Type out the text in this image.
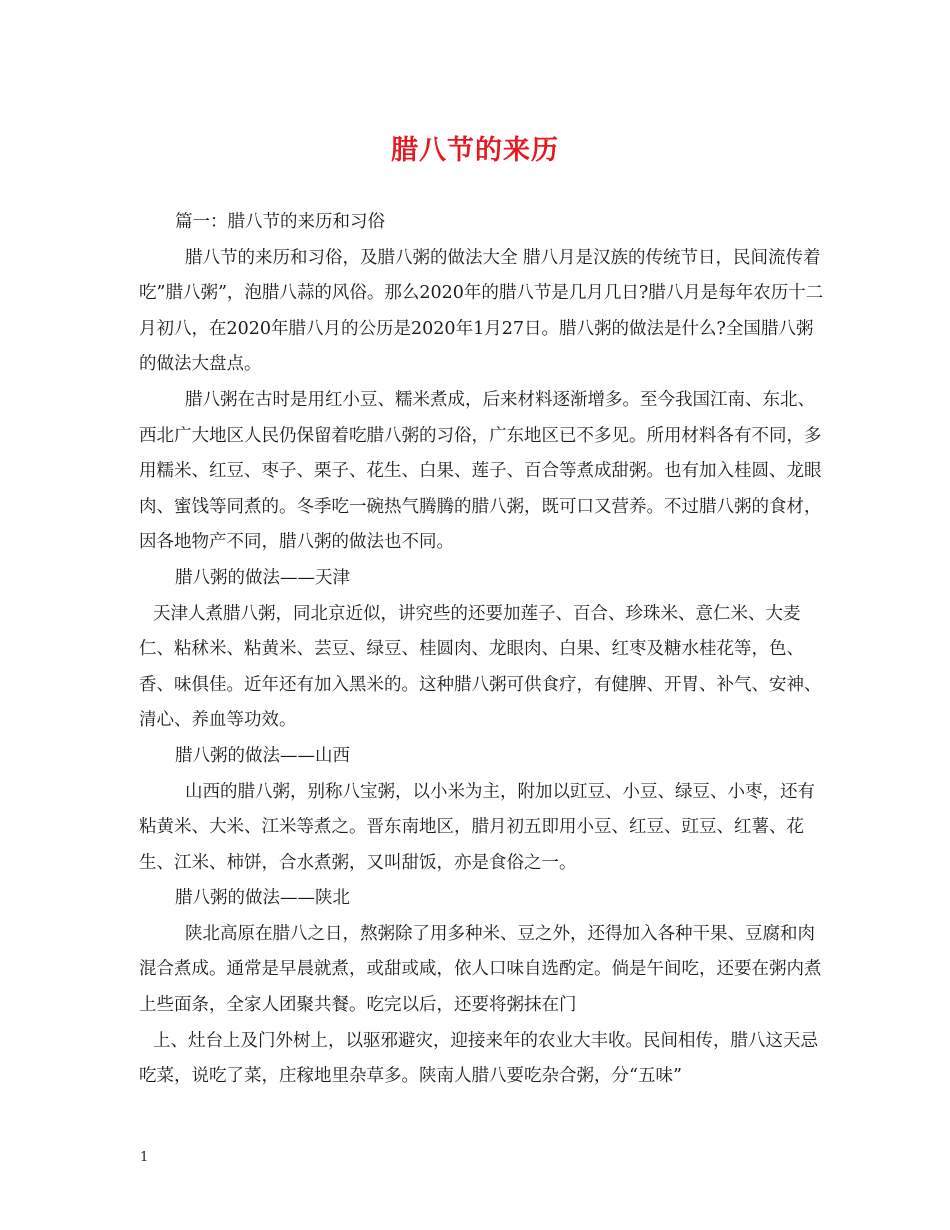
腊八节的来历

篇一：腊八节的来历和习俗

腊八节的来历和习俗，及腊八粥的做法大全 腊八月是汉族的传统节日，民间流传着吃”腊八粥”，泡腊八蒜的风俗。那么2020年的腊八节是几月几日?腊八月是每年农历十二月初八，在2020年腊八月的公历是2020年1月27日。腊八粥的做法是什么?全国腊八粥的做法大盘点。

腊八粥在古时是用红小豆、糯米煮成，后来材料逐渐增多。至今我国江南、东北、西北广大地区人民仍保留着吃腊八粥的习俗，广东地区已不多见。所用材料各有不同，多用糯米、红豆、枣子、栗子、花生、白果、莲子、百合等煮成甜粥。也有加入桂圆、龙眼肉、蜜饯等同煮的。冬季吃一碗热气腾腾的腊八粥，既可口又营养。不过腊八粥的食材，因各地物产不同，腊八粥的做法也不同。

腊八粥的做法——天津

天津人煮腊八粥，同北京近似，讲究些的还要加莲子、百合、珍珠米、意仁米、大麦仁、粘秫米、粘黄米、芸豆、绿豆、桂圆肉、龙眼肉、白果、红枣及糖水桂花等，色、香、味俱佳。近年还有加入黑米的。这种腊八粥可供食疗，有健脾、开胃、补气、安神、清心、养血等功效。

腊八粥的做法——山西

山西的腊八粥，别称八宝粥，以小米为主，附加以豇豆、小豆、绿豆、小枣，还有粘黄米、大米、江米等煮之。晋东南地区，腊月初五即用小豆、红豆、豇豆、红薯、花生、江米、柿饼，合水煮粥，又叫甜饭，亦是食俗之一。

腊八粥的做法——陕北

陕北高原在腊八之日，熬粥除了用多种米、豆之外，还得加入各种干果、豆腐和肉混合煮成。通常是早晨就煮，或甜或咸，依人口味自选酌定。倘是午间吃，还要在粥内煮上些面条，全家人团聚共餐。吃完以后，还要将粥抹在门

上、灶台上及门外树上，以驱邪避灾，迎接来年的农业大丰收。民间相传，腊八这天忌吃菜，说吃了菜，庄稼地里杂草多。陕南人腊八要吃杂合粥，分“五味”

1
